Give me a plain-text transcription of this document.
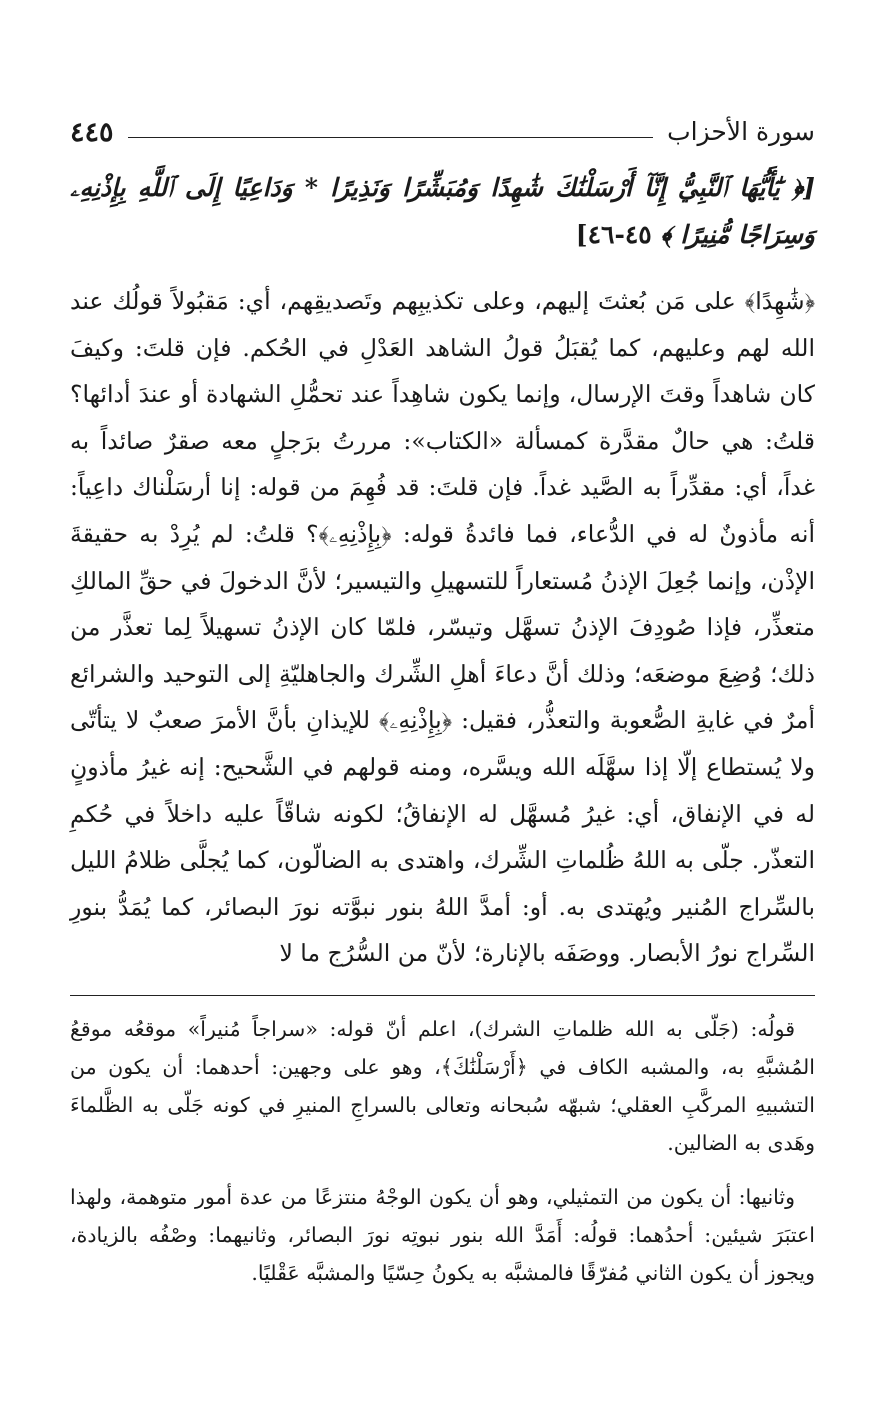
سورة الأحزاب
٤٤٥
[﴿ يَٰٓأَيُّهَا ٱلنَّبِيُّ إِنَّآ أَرْسَلْنَٰكَ شَٰهِدًا وَمُبَشِّرًا وَنَذِيرًا * وَدَاعِيًا إِلَى ٱللَّهِ بِإِذْنِهِۦ وَسِرَاجًا مُّنِيرًا ﴾ ٤٥-٤٦]

﴿شَٰهِدًا﴾ على مَن بُعثتَ إليهم، وعلى تكذيبِهم وتَصديقِهم، أي: مَقبُولاً قولُك عند الله لهم وعليهم، كما يُقبَلُ قولُ الشاهد العَدْلِ في الحُكم. فإن قلتَ: وكيفَ كان شاهداً وقتَ الإرسال، وإنما يكون شاهِداً عند تحمُّلِ الشهادة أو عندَ أدائها؟ قلتُ: هي حالٌ مقدَّرة كمسألة «الكتاب»: مررتُ برَجلٍ معه صقرٌ صائداً به غداً، أي: مقدِّراً به الصَّيد غداً. فإن قلتَ: قد فُهِمَ من قوله: إنا أرسَلْناك داعِياً: أنه مأذونٌ له في الدُّعاء، فما فائدةُ قوله: ﴿بِإِذْنِهِۦ﴾؟ قلتُ: لم يُرِدْ به حقيقةَ الإذْن، وإنما جُعِلَ الإذنُ مُستعاراً للتسهيلِ والتيسير؛ لأنَّ الدخولَ في حقِّ المالكِ متعذِّر، فإذا صُودِفَ الإذنُ تسهَّل وتيسّر، فلمّا كان الإذنُ تسهيلاً لِما تعذَّر من ذلك؛ وُضِعَ موضعَه؛ وذلك أنَّ دعاءَ أهلِ الشِّرك والجاهليّةِ إلى التوحيد والشرائع أمرٌ في غايةِ الصُّعوبة والتعذُّر، فقيل: ﴿بِإِذْنِهِۦ﴾ للإيذانِ بأنَّ الأمرَ صعبٌ لا يتأتّى ولا يُستطاع إلّا إذا سهَّلَه الله ويسَّره، ومنه قولهم في الشَّحيح: إنه غيرُ مأذونٍ له في الإنفاق، أي: غيرُ مُسهَّل له الإنفاقُ؛ لكونه شاقّاً عليه داخلاً في حُكمِ التعذّر. جلّى به اللهُ ظُلماتِ الشِّرك، واهتدى به الضالّون، كما يُجلَّى ظلامُ الليل بالسِّراج المُنير ويُهتدى به. أو: أمدَّ اللهُ بنور نبوَّته نورَ البصائر، كما يُمَدُّ بنورِ السِّراج نورُ الأبصار. ووصَفَه بالإنارة؛ لأنّ من السُّرُج ما لا

قولُه: (جَلّى به الله ظلماتِ الشرك)، اعلم أنّ قوله: «سراجاً مُنيراً» موقعُه موقعُ المُشبَّهِ به، والمشبه الكاف في ﴿أَرْسَلْنَٰكَ﴾، وهو على وجهين: أحدهما: أن يكون من التشبيهِ المركَّبِ العقلي؛ شبهّه سُبحانه وتعالى بالسراجِ المنيرِ في كونه جَلّى به الظَّلماءَ وهَدى به الضالين.

وثانيها: أن يكون من التمثيلي، وهو أن يكون الوجْهُ منتزعًا من عدة أمور متوهمة، ولهذا اعتبَرَ شيئين: أحدُهما: قولُه: أَمَدَّ الله بنور نبوتِه نورَ البصائر، وثانيهما: وصْفُه بالزيادة، ويجوز أن يكون الثاني مُفرّقًا فالمشبَّه به يكونُ حِسّيًا والمشبَّه عَقْليًا.
